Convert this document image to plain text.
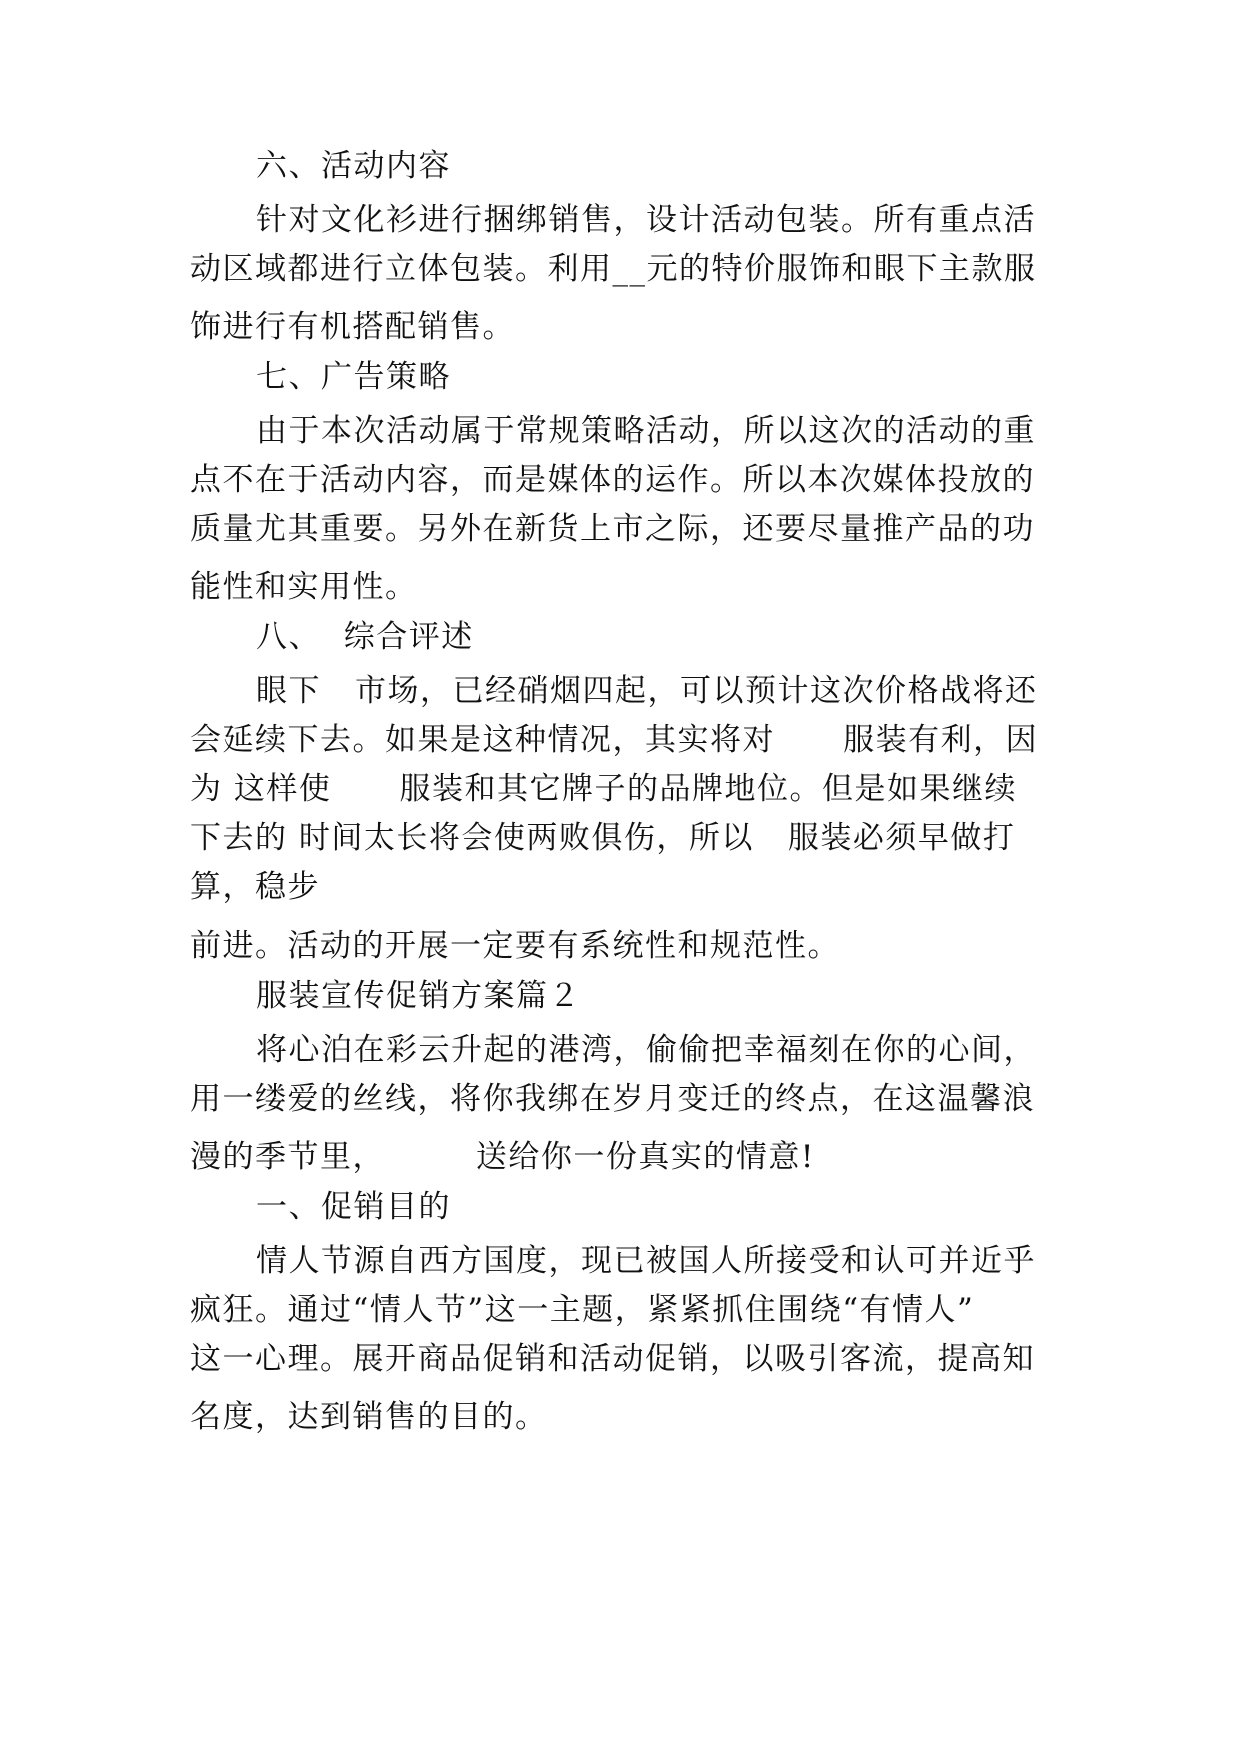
六、活动内容

针对文化衫进行捆绑销售，设计活动包装。所有重点活

动区域都进行立体包装。利用__元的特价服饰和眼下主款服

饰进行有机搭配销售。

七、广告策略

由于本次活动属于常规策略活动，所以这次的活动的重

点不在于活动内容，而是媒体的运作。所以本次媒体投放的

质量尤其重要。另外在新货上市之际，还要尽量推产品的功

能性和实用性。

八、  综合评述

眼下   市场，已经硝烟四起，可以预计这次价格战将还

会延续下去。如果是这种情况，其实将对      服装有利，因

为 这样使      服装和其它牌子的品牌地位。但是如果继续

下去的 时间太长将会使两败俱伤，所以   服装必须早做打

算，稳步

前进。活动的开展一定要有系统性和规范性。

服装宣传促销方案篇２

将心泊在彩云升起的港湾，偷偷把幸福刻在你的心间，

用一缕爱的丝线，将你我绑在岁月变迁的终点，在这温馨浪

漫的季节里，        送给你一份真实的情意!

一、促销目的

情人节源自西方国度，现已被国人所接受和认可并近乎

疯狂。通过“情人节”这一主题，紧紧抓住围绕“有情人”

这一心理。展开商品促销和活动促销，以吸引客流，提高知

名度，达到销售的目的。
